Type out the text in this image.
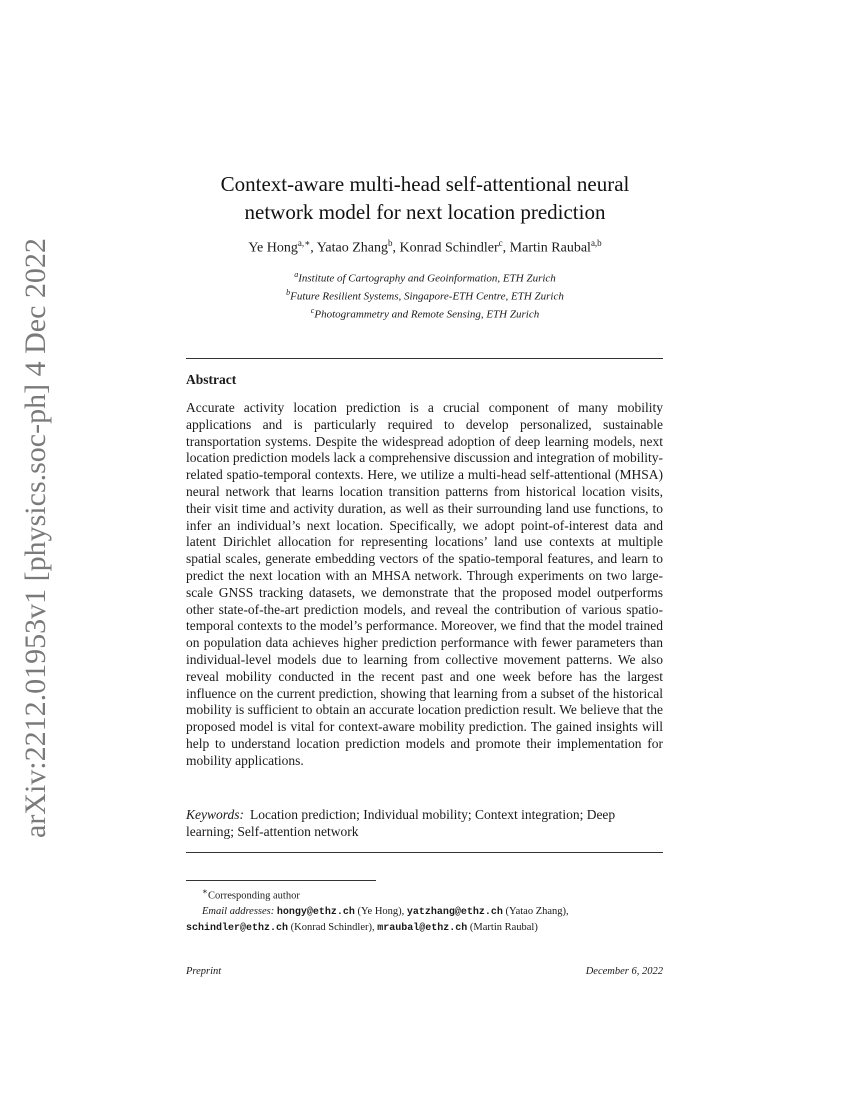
arXiv:2212.01953v1 [physics.soc-ph] 4 Dec 2022
Context-aware multi-head self-attentional neural
network model for next location prediction
Ye Hong$^{a,∗}$, Yatao Zhang$^b$, Konrad Schindler$^c$, Martin Raubal$^{a,b}$
$^a$Institute of Cartography and Geoinformation, ETH Zurich
$^b$Future Resilient Systems, Singapore-ETH Centre, ETH Zurich
$^c$Photogrammetry and Remote Sensing, ETH Zurich
Abstract
Accurate activity location prediction is a crucial component of many mobility applications and is particularly required to develop personalized, sustainable transportation systems. Despite the widespread adoption of deep learning models, next location prediction models lack a comprehensive discussion and integration of mobility-related spatio-temporal contexts. Here, we utilize a multi-head self-attentional (MHSA) neural network that learns location transition patterns from historical location visits, their visit time and activity duration, as well as their surrounding land use functions, to infer an individual’s next location. Specifically, we adopt point-of-interest data and latent Dirichlet allocation for representing locations’ land use contexts at multiple spatial scales, generate embedding vectors of the spatio-temporal features, and learn to predict the next location with an MHSA network. Through experiments on two large-scale GNSS tracking datasets, we demonstrate that the proposed model outperforms other state-of-the-art prediction models, and reveal the contribution of various spatio-temporal contexts to the model’s performance. Moreover, we find that the model trained on population data achieves higher prediction performance with fewer parameters than individual-level models due to learning from collective movement patterns. We also reveal mobility conducted in the recent past and one week before has the largest influence on the current prediction, showing that learning from a subset of the historical mobility is sufficient to obtain an accurate location prediction result. We believe that the proposed model is vital for context-aware mobility prediction. The gained insights will help to understand location prediction models and promote their implementation for mobility applications.
Keywords: Location prediction; Individual mobility; Context integration; Deep learning; Self-attention network
∗Corresponding author
Email addresses: hongy@ethz.ch (Ye Hong), yatzhang@ethz.ch (Yatao Zhang),
schindler@ethz.ch (Konrad Schindler), mraubal@ethz.ch (Martin Raubal)
Preprint	December 6, 2022
